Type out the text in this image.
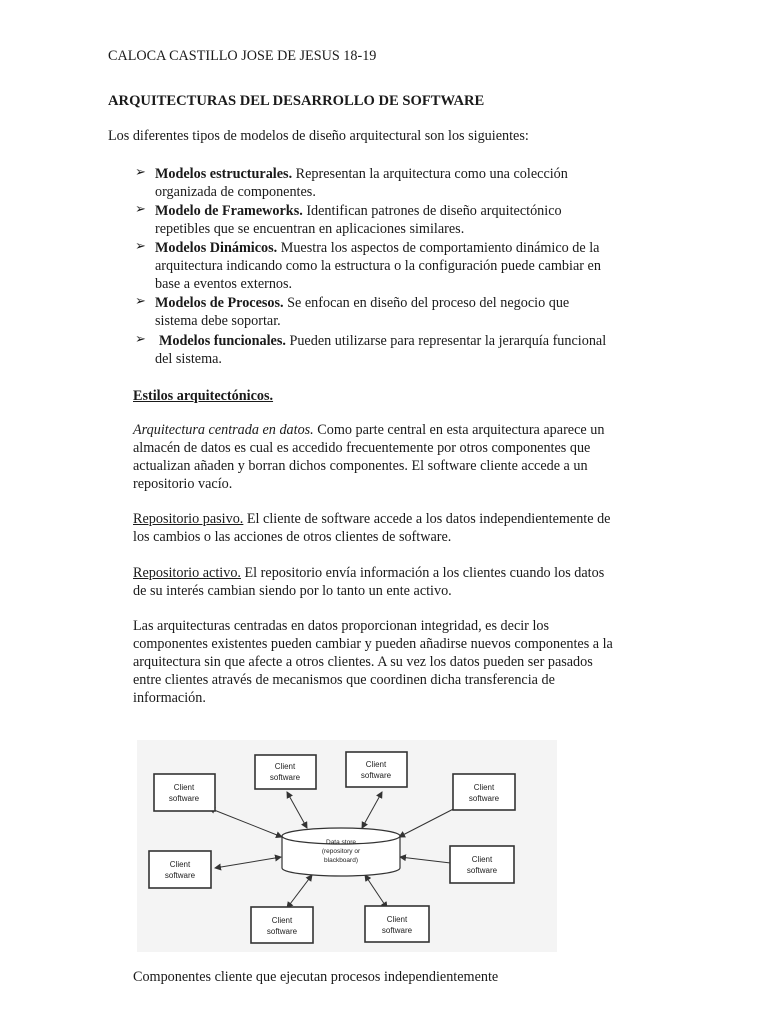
CALOCA CASTILLO JOSE DE JESUS 18-19
ARQUITECTURAS DEL DESARROLLO DE SOFTWARE
Los diferentes tipos de modelos de diseño arquitectural son los siguientes:
➢ Modelos estructurales. Representan la arquitectura como una colección
organizada de componentes.
➢ Modelo de Frameworks. Identifican patrones de diseño arquitectónico
repetibles que se encuentran en aplicaciones similares.
➢ Modelos Dinámicos. Muestra los aspectos de comportamiento dinámico de la
arquitectura indicando como la estructura o la configuración puede cambiar en
base a eventos externos.
➢ Modelos de Procesos. Se enfocan en diseño del proceso del negocio que
sistema debe soportar.
➢ Modelos funcionales. Pueden utilizarse para representar la jerarquía funcional
del sistema.
Estilos arquitectónicos.
Arquitectura centrada en datos. Como parte central en esta arquitectura aparece un
almacén de datos es cual es accedido frecuentemente por otros componentes que
actualizan añaden y borran dichos componentes. El software cliente accede a un
repositorio vacío.
Repositorio pasivo. El cliente de software accede a los datos independientemente de
los cambios o las acciones de otros clientes de software.
Repositorio activo. El repositorio envía información a los clientes cuando los datos
de su interés cambian siendo por lo tanto un ente activo.
Las arquitecturas centradas en datos proporcionan integridad, es decir los
componentes existentes pueden cambiar y pueden añadirse nuevos componentes a la
arquitectura sin que afecte a otros clientes. A su vez los datos pueden ser pasados
entre clientes através de mecanismos que coordinen dicha transferencia de
información.
Data store
(repository or
blackboard)
Client
software
Client
software
Client
software
Client
software
Client
software
Client
software
Client
software
Client
software
Componentes cliente que ejecutan procesos independientemente
